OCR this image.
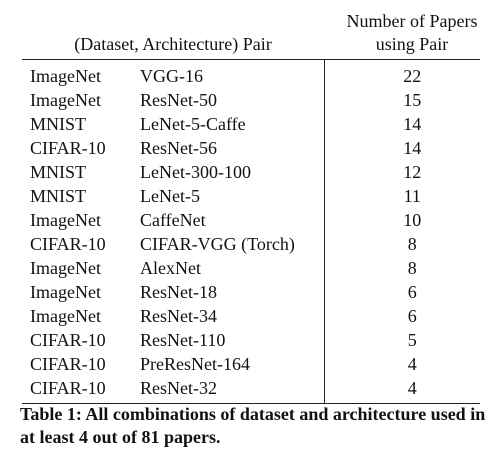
(Dataset, Architecture) Pair		Number of Papers
using Pair

ImageNet	VGG-16	22
ImageNet	ResNet-50	15
MNIST	LeNet-5-Caffe	14
CIFAR-10	ResNet-56	14
MNIST	LeNet-300-100	12
MNIST	LeNet-5	11
ImageNet	CaffeNet	10
CIFAR-10	CIFAR-VGG (Torch)	8
ImageNet	AlexNet	8
ImageNet	ResNet-18	6
ImageNet	ResNet-34	6
CIFAR-10	ResNet-110	5
CIFAR-10	PreResNet-164	4
CIFAR-10	ResNet-32	4

Table 1: All combinations of dataset and architecture used in at least 4 out of 81 papers.
